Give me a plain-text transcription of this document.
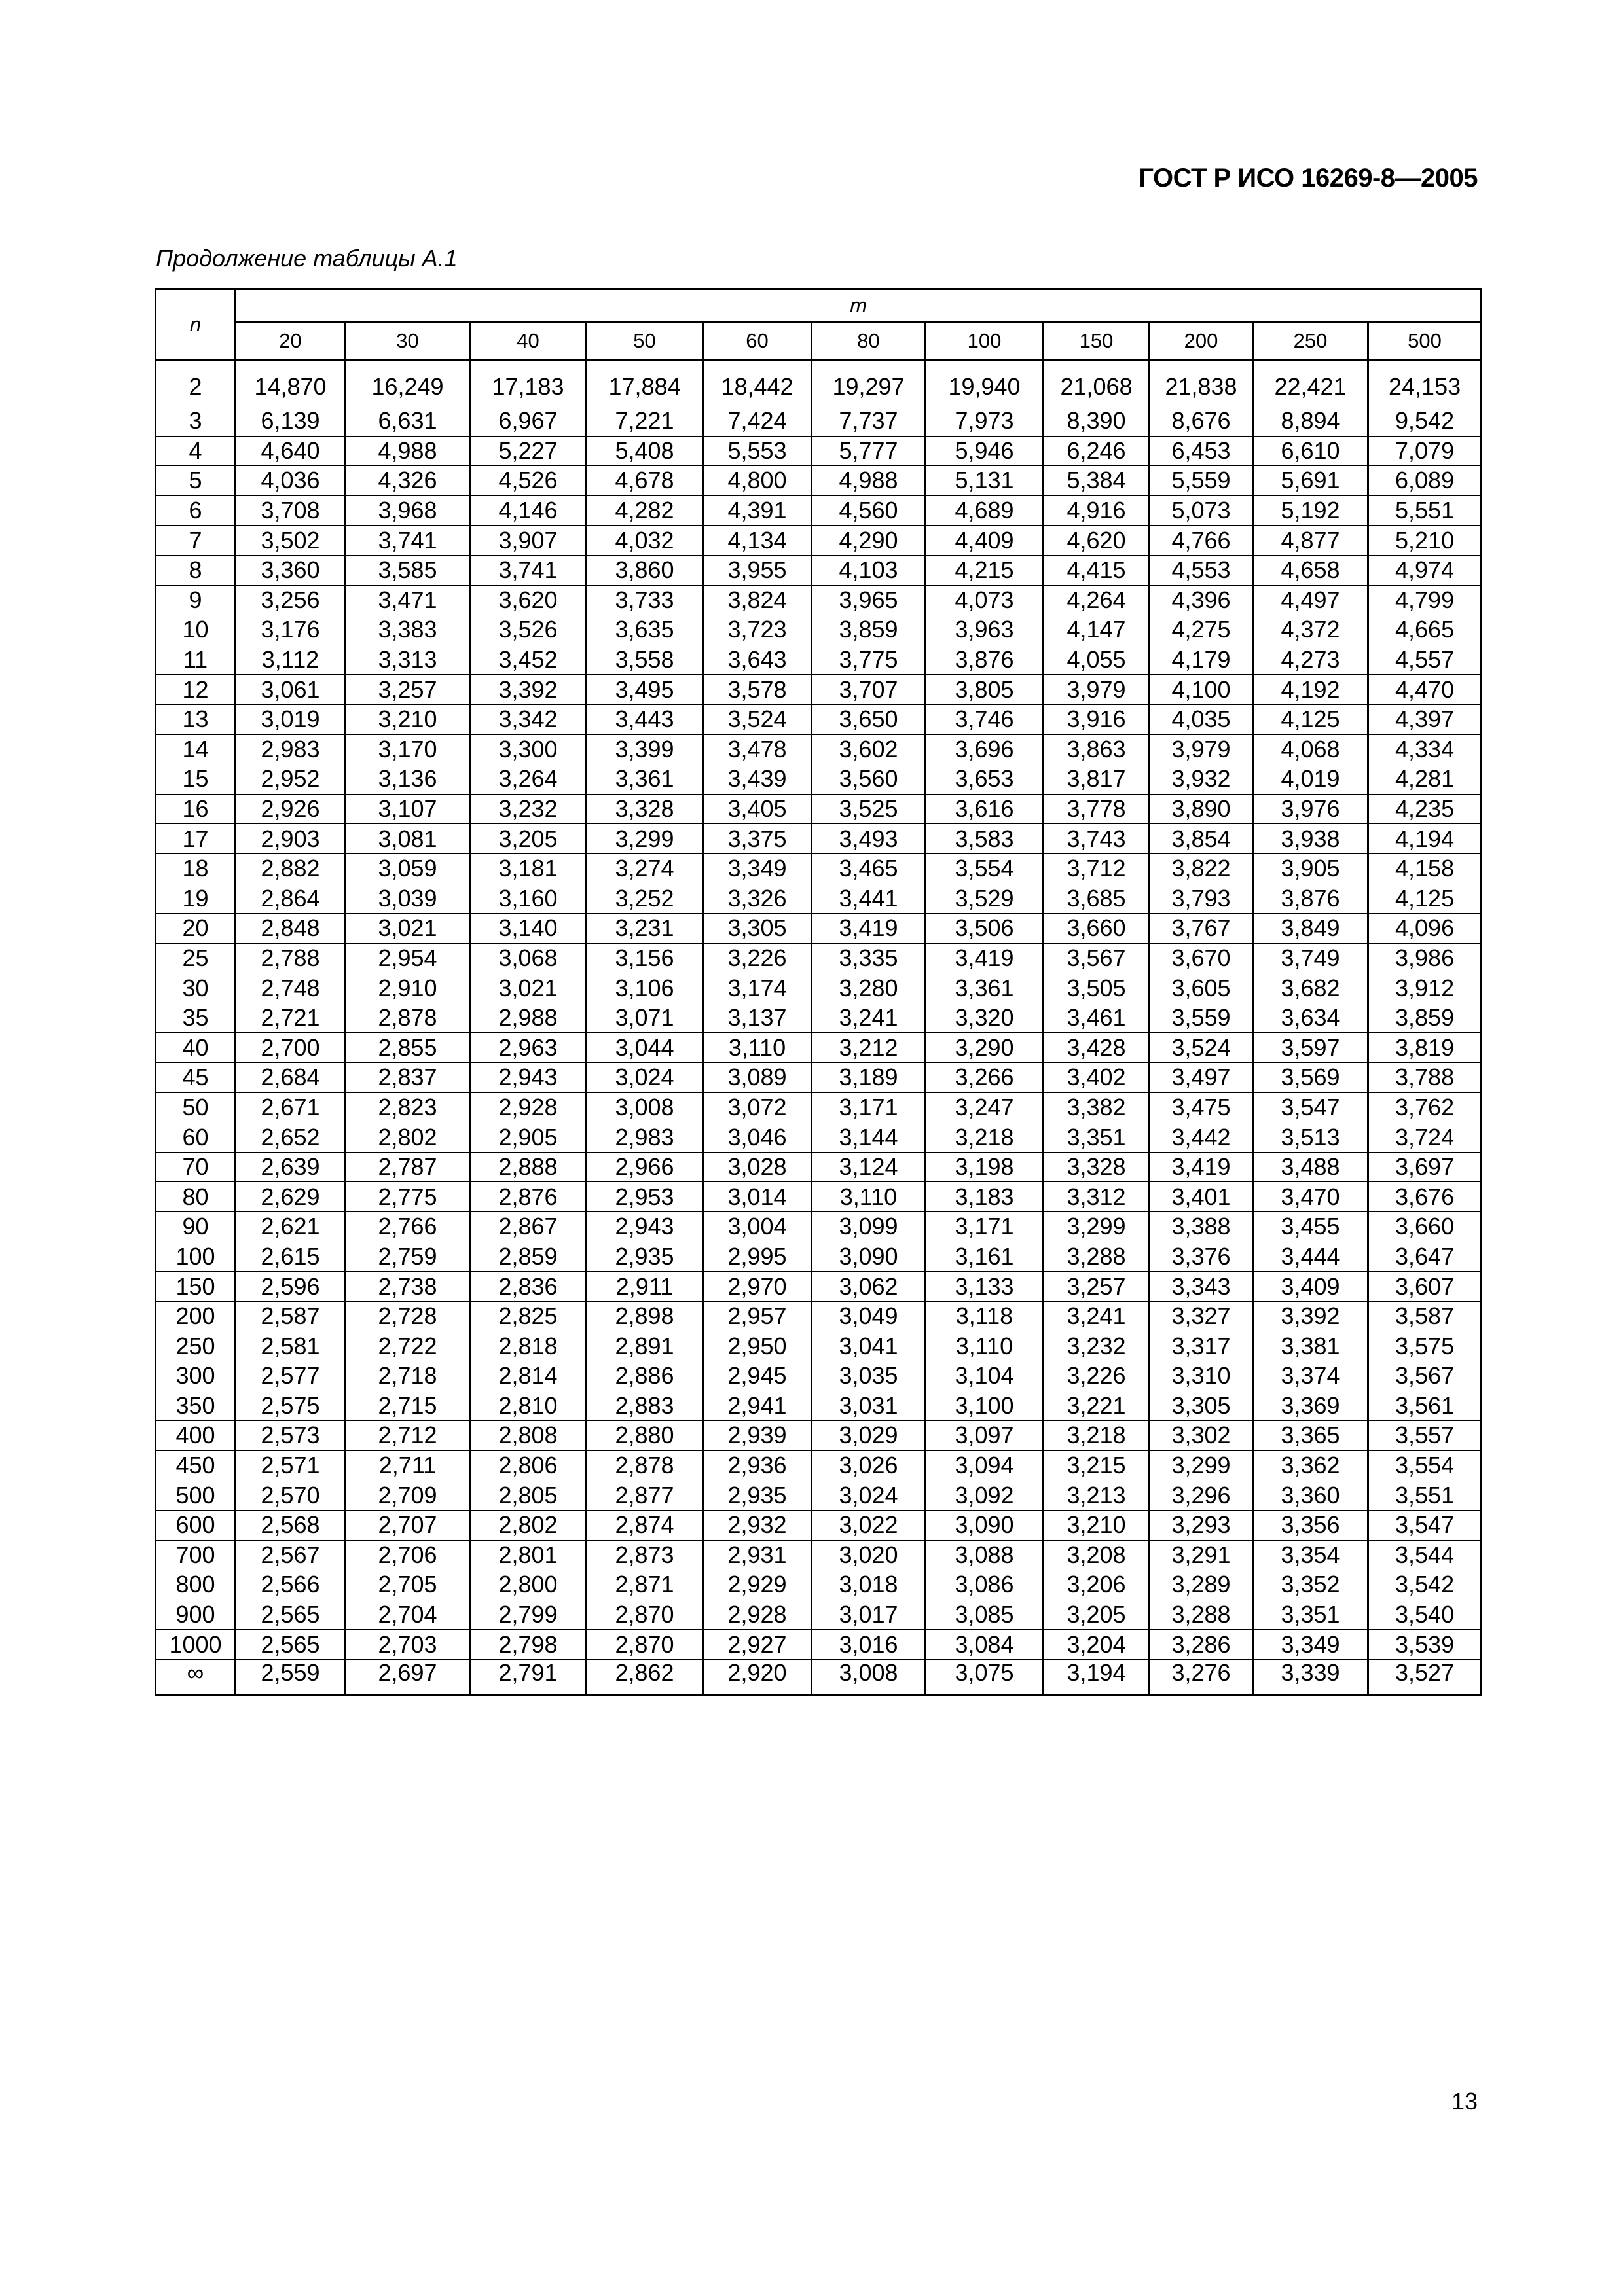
ГОСТ Р ИСО 16269-8—2005
Продолжение таблицы А.1
n	m										
	20	30	40	50	60	80	100	150	200	250	500
2	14,870	16,249	17,183	17,884	18,442	19,297	19,940	21,068	21,838	22,421	24,153
3	6,139	6,631	6,967	7,221	7,424	7,737	7,973	8,390	8,676	8,894	9,542
4	4,640	4,988	5,227	5,408	5,553	5,777	5,946	6,246	6,453	6,610	7,079
5	4,036	4,326	4,526	4,678	4,800	4,988	5,131	5,384	5,559	5,691	6,089
6	3,708	3,968	4,146	4,282	4,391	4,560	4,689	4,916	5,073	5,192	5,551
7	3,502	3,741	3,907	4,032	4,134	4,290	4,409	4,620	4,766	4,877	5,210
8	3,360	3,585	3,741	3,860	3,955	4,103	4,215	4,415	4,553	4,658	4,974
9	3,256	3,471	3,620	3,733	3,824	3,965	4,073	4,264	4,396	4,497	4,799
10	3,176	3,383	3,526	3,635	3,723	3,859	3,963	4,147	4,275	4,372	4,665
11	3,112	3,313	3,452	3,558	3,643	3,775	3,876	4,055	4,179	4,273	4,557
12	3,061	3,257	3,392	3,495	3,578	3,707	3,805	3,979	4,100	4,192	4,470
13	3,019	3,210	3,342	3,443	3,524	3,650	3,746	3,916	4,035	4,125	4,397
14	2,983	3,170	3,300	3,399	3,478	3,602	3,696	3,863	3,979	4,068	4,334
15	2,952	3,136	3,264	3,361	3,439	3,560	3,653	3,817	3,932	4,019	4,281
16	2,926	3,107	3,232	3,328	3,405	3,525	3,616	3,778	3,890	3,976	4,235
17	2,903	3,081	3,205	3,299	3,375	3,493	3,583	3,743	3,854	3,938	4,194
18	2,882	3,059	3,181	3,274	3,349	3,465	3,554	3,712	3,822	3,905	4,158
19	2,864	3,039	3,160	3,252	3,326	3,441	3,529	3,685	3,793	3,876	4,125
20	2,848	3,021	3,140	3,231	3,305	3,419	3,506	3,660	3,767	3,849	4,096
25	2,788	2,954	3,068	3,156	3,226	3,335	3,419	3,567	3,670	3,749	3,986
30	2,748	2,910	3,021	3,106	3,174	3,280	3,361	3,505	3,605	3,682	3,912
35	2,721	2,878	2,988	3,071	3,137	3,241	3,320	3,461	3,559	3,634	3,859
40	2,700	2,855	2,963	3,044	3,110	3,212	3,290	3,428	3,524	3,597	3,819
45	2,684	2,837	2,943	3,024	3,089	3,189	3,266	3,402	3,497	3,569	3,788
50	2,671	2,823	2,928	3,008	3,072	3,171	3,247	3,382	3,475	3,547	3,762
60	2,652	2,802	2,905	2,983	3,046	3,144	3,218	3,351	3,442	3,513	3,724
70	2,639	2,787	2,888	2,966	3,028	3,124	3,198	3,328	3,419	3,488	3,697
80	2,629	2,775	2,876	2,953	3,014	3,110	3,183	3,312	3,401	3,470	3,676
90	2,621	2,766	2,867	2,943	3,004	3,099	3,171	3,299	3,388	3,455	3,660
100	2,615	2,759	2,859	2,935	2,995	3,090	3,161	3,288	3,376	3,444	3,647
150	2,596	2,738	2,836	2,911	2,970	3,062	3,133	3,257	3,343	3,409	3,607
200	2,587	2,728	2,825	2,898	2,957	3,049	3,118	3,241	3,327	3,392	3,587
250	2,581	2,722	2,818	2,891	2,950	3,041	3,110	3,232	3,317	3,381	3,575
300	2,577	2,718	2,814	2,886	2,945	3,035	3,104	3,226	3,310	3,374	3,567
350	2,575	2,715	2,810	2,883	2,941	3,031	3,100	3,221	3,305	3,369	3,561
400	2,573	2,712	2,808	2,880	2,939	3,029	3,097	3,218	3,302	3,365	3,557
450	2,571	2,711	2,806	2,878	2,936	3,026	3,094	3,215	3,299	3,362	3,554
500	2,570	2,709	2,805	2,877	2,935	3,024	3,092	3,213	3,296	3,360	3,551
600	2,568	2,707	2,802	2,874	2,932	3,022	3,090	3,210	3,293	3,356	3,547
700	2,567	2,706	2,801	2,873	2,931	3,020	3,088	3,208	3,291	3,354	3,544
800	2,566	2,705	2,800	2,871	2,929	3,018	3,086	3,206	3,289	3,352	3,542
900	2,565	2,704	2,799	2,870	2,928	3,017	3,085	3,205	3,288	3,351	3,540
1000	2,565	2,703	2,798	2,870	2,927	3,016	3,084	3,204	3,286	3,349	3,539
∞	2,559	2,697	2,791	2,862	2,920	3,008	3,075	3,194	3,276	3,339	3,527
13
